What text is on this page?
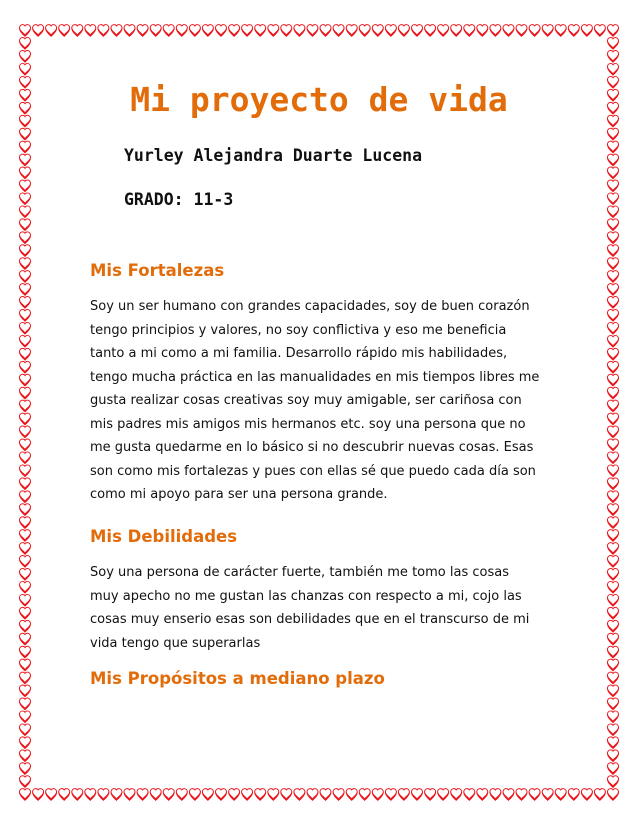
Mi proyecto de vida

Yurley Alejandra Duarte Lucena

GRADO: 11-3

Mis Fortalezas
Soy un ser humano con grandes capacidades, soy de buen corazón
tengo principios y valores, no soy conflictiva y eso me beneficia
tanto a mi como a mi familia. Desarrollo rápido mis habilidades,
tengo mucha práctica en las manualidades en mis tiempos libres me
gusta realizar cosas creativas soy muy amigable, ser cariñosa con
mis padres mis amigos mis hermanos etc. soy una persona que no
me gusta quedarme en lo básico si no descubrir nuevas cosas. Esas
son como mis fortalezas y pues con ellas sé que puedo cada día son
como mi apoyo para ser una persona grande.
Mis Debilidades
Soy una persona de carácter fuerte, también me tomo las cosas
muy apecho no me gustan las chanzas con respecto a mi, cojo las
cosas muy enserio esas son debilidades que en el transcurso de mi
vida tengo que superarlas
Mis Propósitos a mediano plazo
